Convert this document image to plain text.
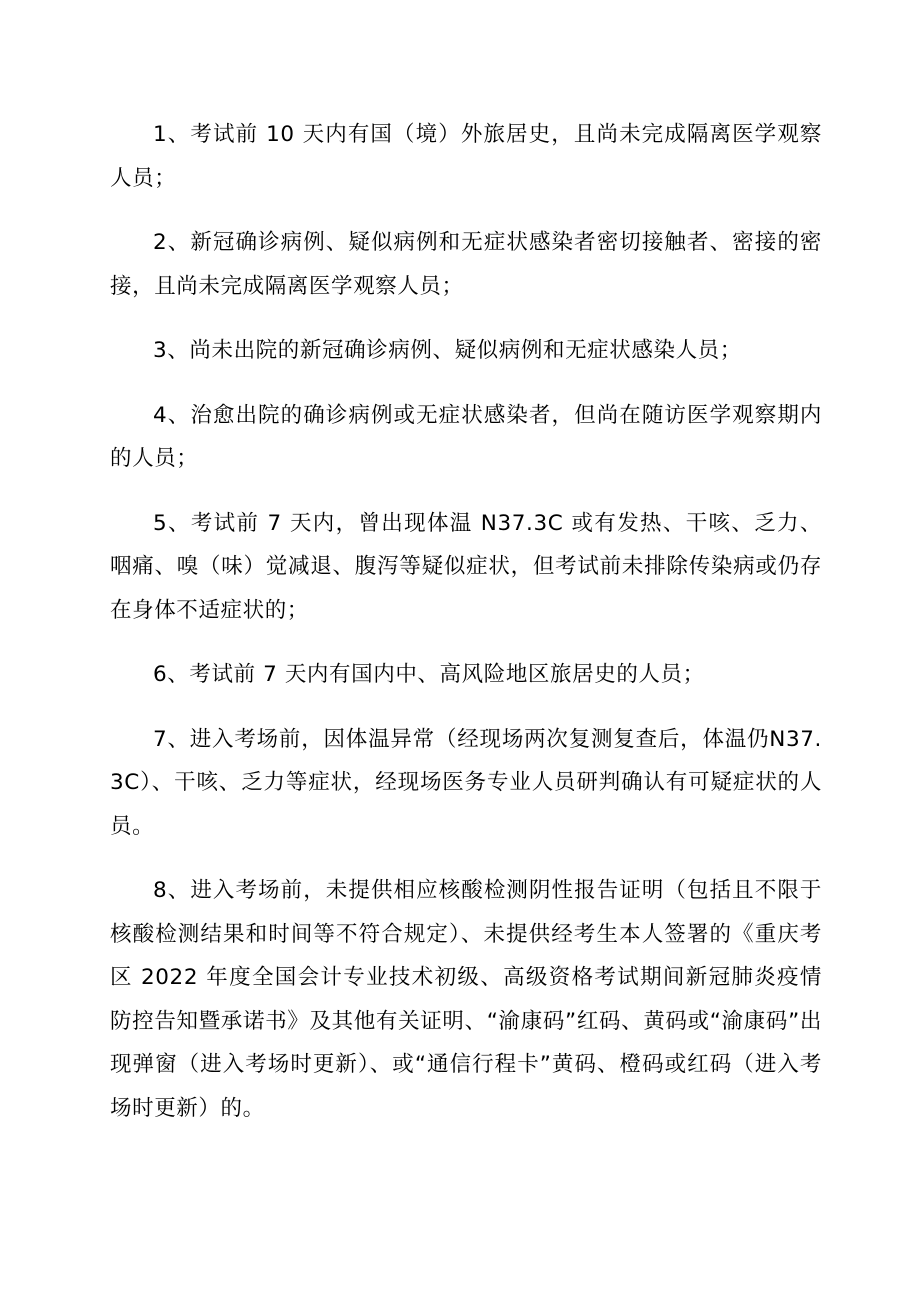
1、考试前 10 天内有国（境）外旅居史，且尚未完成隔离医学观察人员；

2、新冠确诊病例、疑似病例和无症状感染者密切接触者、密接的密接，且尚未完成隔离医学观察人员；

3、尚未出院的新冠确诊病例、疑似病例和无症状感染人员；

4、治愈出院的确诊病例或无症状感染者，但尚在随访医学观察期内的人员；

5、考试前 7 天内，曾出现体温 N37.3C 或有发热、干咳、乏力、咽痛、嗅（味）觉减退、腹泻等疑似症状，但考试前未排除传染病或仍存在身体不适症状的；

6、考试前 7 天内有国内中、高风险地区旅居史的人员；

7、进入考场前，因体温异常（经现场两次复测复查后，体温仍N37.3C）、干咳、乏力等症状，经现场医务专业人员研判确认有可疑症状的人员。

8、进入考场前，未提供相应核酸检测阴性报告证明（包括且不限于核酸检测结果和时间等不符合规定）、未提供经考生本人签署的《重庆考区 2022 年度全国会计专业技术初级、高级资格考试期间新冠肺炎疫情防控告知暨承诺书》及其他有关证明、“渝康码”红码、黄码或“渝康码”出现弹窗（进入考场时更新）、或“通信行程卡”黄码、橙码或红码（进入考场时更新）的。
